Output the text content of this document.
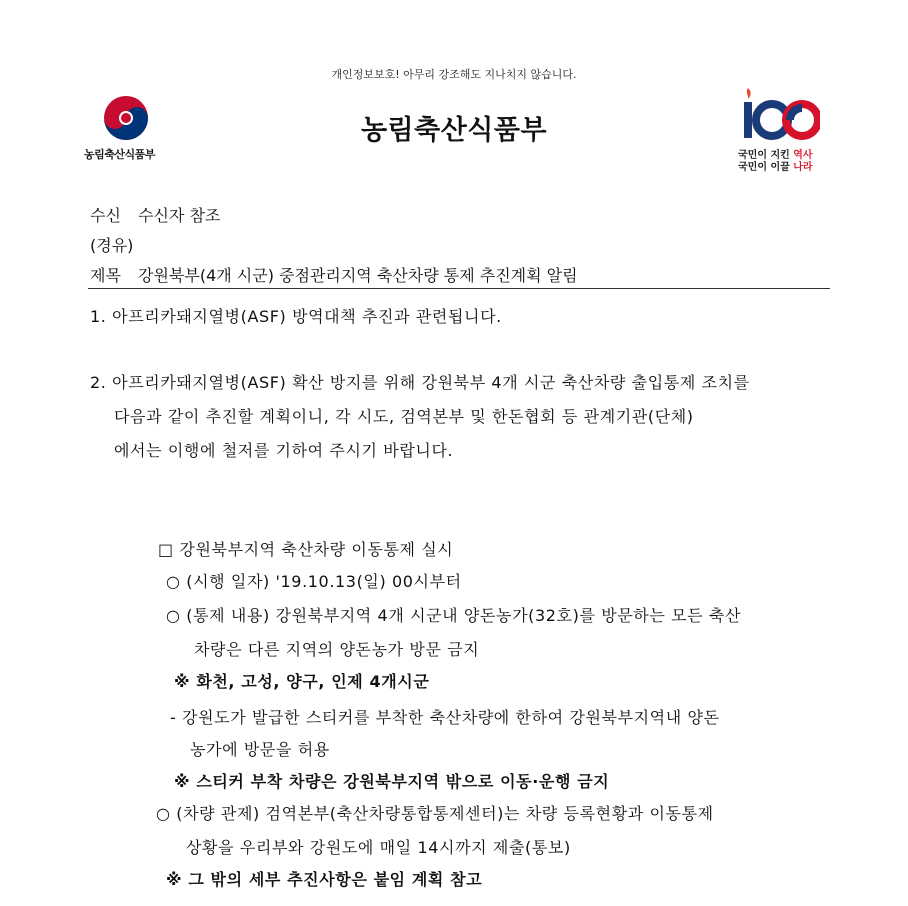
개인정보보호! 아무리 강조해도 지나치지 않습니다.
농림축산식품부
농림축산식품부
국민이 지킨 역사
국민이 이끌 나라
수신 수신자 참조
(경유)
제목 강원북부(4개 시군) 중점관리지역 축산차량 통제 추진계획 알림
1. 아프리카돼지열병(ASF) 방역대책 추진과 관련됩니다.
2. 아프리카돼지열병(ASF) 확산 방지를 위해 강원북부 4개 시군 축산차량 출입통제 조치를
다음과 같이 추진할 계획이니, 각 시도, 검역본부 및 한돈협회 등 관계기관(단체)
에서는 이행에 철저를 기하여 주시기 바랍니다.
□ 강원북부지역 축산차량 이동통제 실시
○ (시행 일자) '19.10.13(일) 00시부터
○ (통제 내용) 강원북부지역 4개 시군내 양돈농가(32호)를 방문하는 모든 축산
차량은 다른 지역의 양돈농가 방문 금지
※ 화천, 고성, 양구, 인제 4개시군
- 강원도가 발급한 스티커를 부착한 축산차량에 한하여 강원북부지역내 양돈
농가에 방문을 허용
※ 스티커 부착 차량은 강원북부지역 밖으로 이동·운행 금지
○ (차량 관제) 검역본부(축산차량통합통제센터)는 차량 등록현황과 이동통제
상황을 우리부와 강원도에 매일 14시까지 제출(통보)
※ 그 밖의 세부 추진사항은 붙임 계획 참고
